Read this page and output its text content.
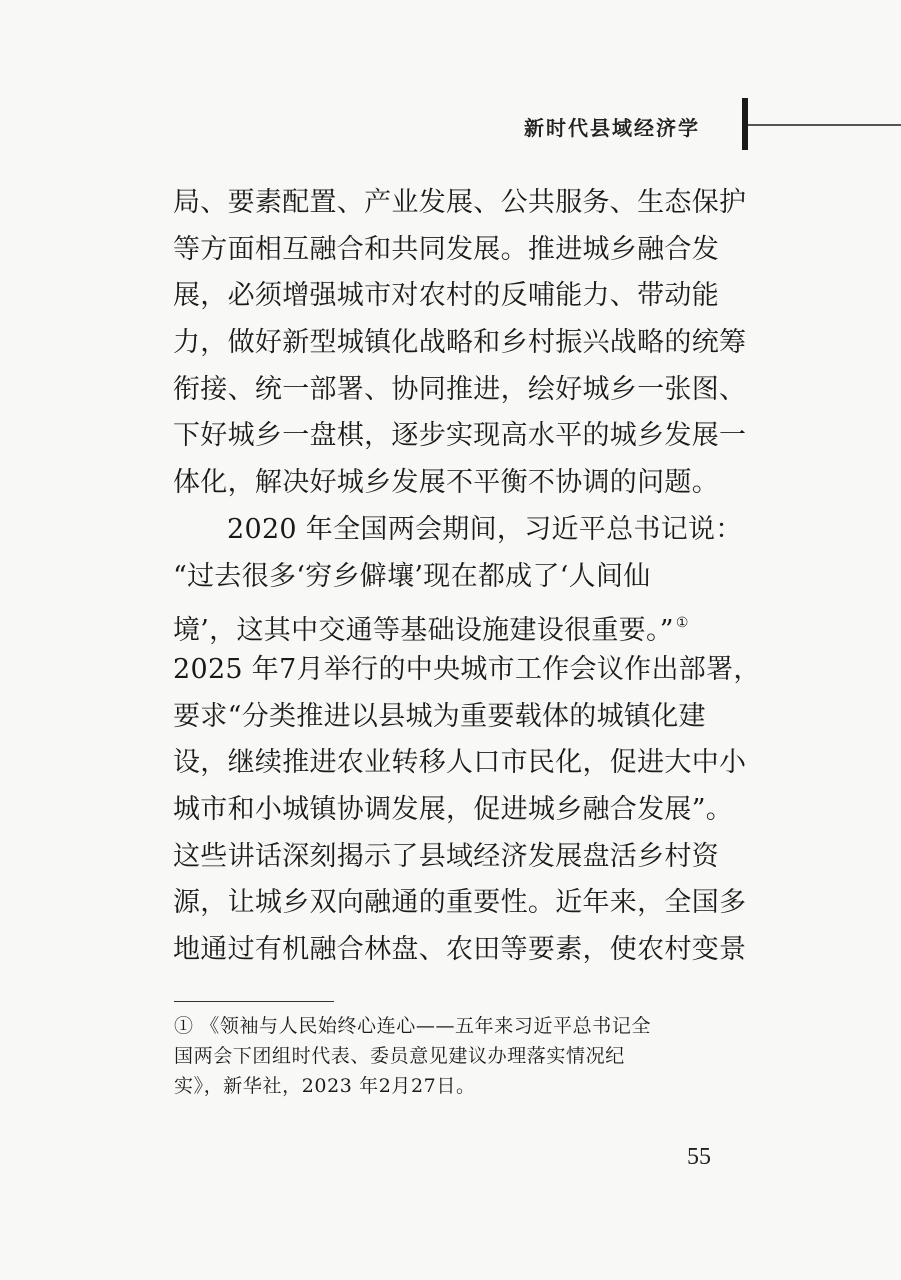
新时代县域经济学
局、要素配置、产业发展、公共服务、生态保护
等方面相互融合和共同发展。推进城乡融合发
展，必须增强城市对农村的反哺能力、带动能
力，做好新型城镇化战略和乡村振兴战略的统筹
衔接、统一部署、协同推进，绘好城乡一张图、
下好城乡一盘棋，逐步实现高水平的城乡发展一
体化，解决好城乡发展不平衡不协调的问题。
2020 年全国两会期间，习近平总书记说：
“过去很多‘穷乡僻壤’现在都成了‘人间仙
境’，这其中交通等基础设施建设很重要。” ①
2025 年7月举行的中央城市工作会议作出部署，
要求“分类推进以县城为重要载体的城镇化建
设，继续推进农业转移人口市民化，促进大中小
城市和小城镇协调发展，促进城乡融合发展”。
这些讲话深刻揭示了县域经济发展盘活乡村资
源，让城乡双向融通的重要性。近年来，全国多
地通过有机融合林盘、农田等要素，使农村变景
① 《领袖与人民始终心连心——五年来习近平总书记全
国两会下团组时代表、委员意见建议办理落实情况纪
实》，新华社，2023 年2月27日。
55
